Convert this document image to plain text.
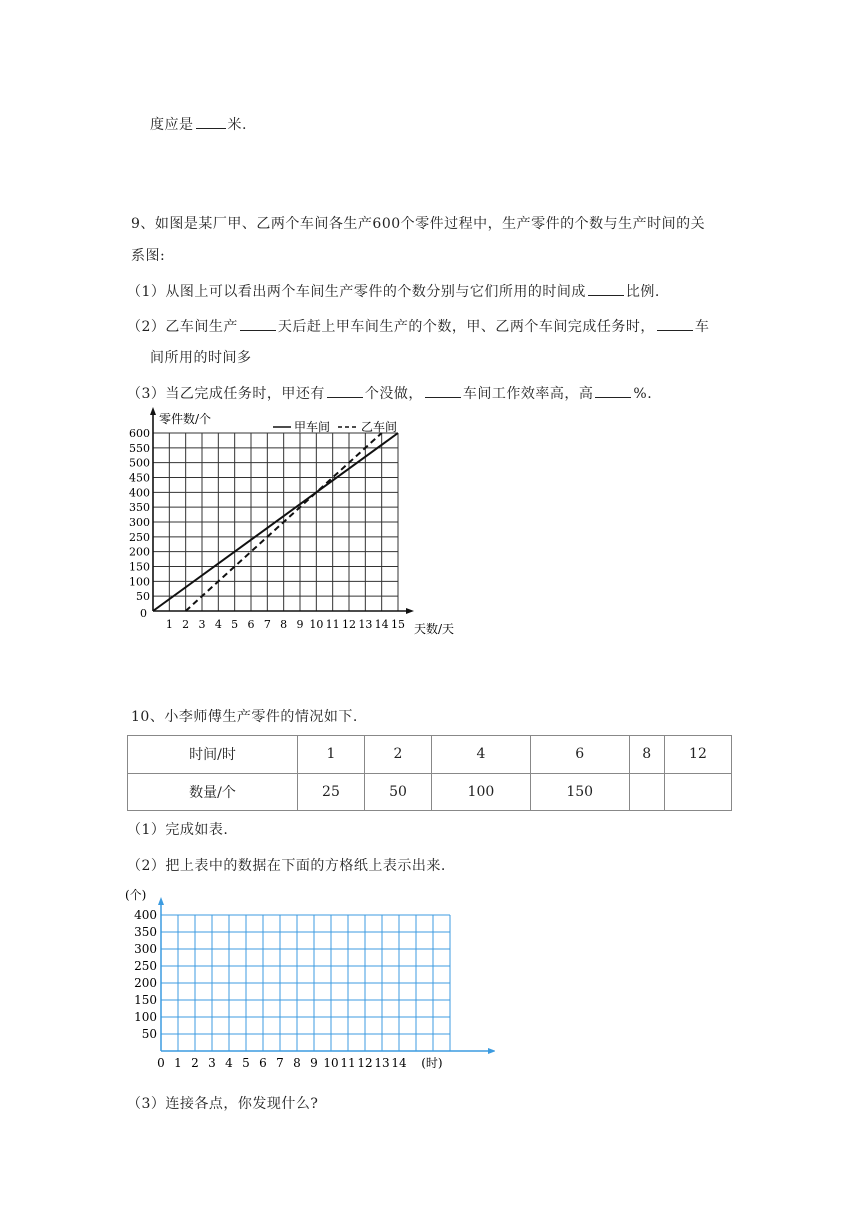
度应是 米.
9、如图是某厂甲、乙两个车间各生产600个零件过程中，生产零件的个数与生产时间的关
系图:
（1）从图上可以看出两个车间生产零件的个数分别与它们所用的时间成	比例.
（2）乙车间生产	天后赶上甲车间生产的个数，甲、乙两个车间完成任务时，	车
间所用的时间多
（3）当乙完成任务时，甲还有	个没做，	车间工作效率高，高	%.
1 2 3 4 5 6 7 8 9 10 11 12 13 14 15
50
100
150
200
250
300
350
400
450
500
550
600
0
零件数/个
天数/天
甲车间	乙车间
10、小李师傅生产零件的情况如下.
时间/时	1	2	4	6	8	12
数量/个	25	50	100	150		
（1）完成如表.
（2）把上表中的数据在下面的方格纸上表示出来.
50
100
150
200
250
300
350
400
0 1 2 3 4 5 6 7 8 9 10 11 12 13 14
(个)
(时)
（3）连接各点，你发现什么?
